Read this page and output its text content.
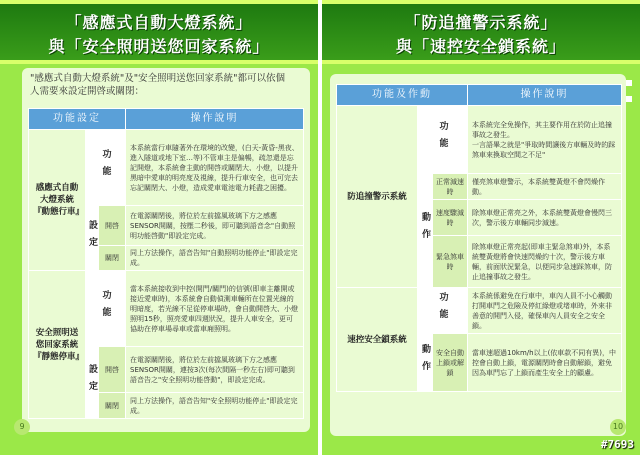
「感應式自動大燈系統」
與「安全照明送您回家系統」
"感應式自動大燈系統"及"安全照明送您回家系統"都可以依個人需要來設定開啓或關閉：
功能設定			操作說明
感應式自動大燈系統『動態行車』	功能		本系統當行車隨著外在環境的改變，(白天-黃昏-黑夜、進入隧道或地下室…等)不管車主是偏暢，疏忽還是忘記開燈，本系統會主動的開啓或關閉大、小燈，以提升黑暗中愛車的明亮度及視線，提升行車安全，也可完去忘記關閉大、小燈，造成愛車電池電力耗盡之困擾。
	設定	開啓	在電源關閉後，將位於左前擋風玻璃下方之感應SENSOR開關，按壓二秒後，即可聽到語音念"自動照明功能啓動"即設定完成。
		關閉	同上方法操作，語音告知"自動照明功能停止"即設定完成。
安全照明送您回家系統『靜態停車』	功能		當本系統接收到中控(開門/關門)的信號(即車主離開或接近愛車時)，本系統會自動偵測車輛所在位置光線的明暗度，若光線不足從停車場時，會自動開啓大、小燈照明15秒，照亮愛車四週狀況，提升人車安全，更可協助在停車場尋車或當車廂照明。
	設定	開啓	在電源關閉後，將位於左前擋風玻璃下方之感應SENSOR開關，連按3次(每次間隔一秒左右)即可聽到語音告之"安全照明功能啓動"，即設定完成。
		關閉	同上方法操作，語音告知"安全照明功能停止"即設定完成。
9
「防追撞警示系統」
與「速控安全鎖系統」
功能及作動			操作說明
防追撞警示系統	功能		本系統完全免操作，其主要作用在於防止追撞事故之發生。
一言語畢之就是"爭取時間讓後方車輛及時的踩煞車來換取空間之不足"
	動作	正常減速時	僅亮煞車燈警示，本系統雙黃燈不會閃燥作動。
		速度驟減時	除煞車燈正常亮之外，本系統雙黃燈會慢閃三次，警示後方車輛同步減速。
		緊急煞車時	除煞車燈正常亮起(即車主緊急煞車)外，本系統雙黃燈將會快速閃燥約十次，警示後方車輛，前面狀況緊急，以便同步急速踩煞車，防止追撞事故之發生。
速控安全鎖系統	功能		本系統係避免在行車中，車內人員不小心觸動打開車門之危險及停紅綠燈或堵車時，外來非善意的開門入侵，確保車內人員安全之安全鎖。
	動作	安全自動上鎖或解鎖	當車速超過10km/h以上(依車款不同有異)，中控會自動上鎖，電源關閉時會自動解鎖，避免因為車門忘了上鎖而產生安全上的顧慮。
10
#7693
